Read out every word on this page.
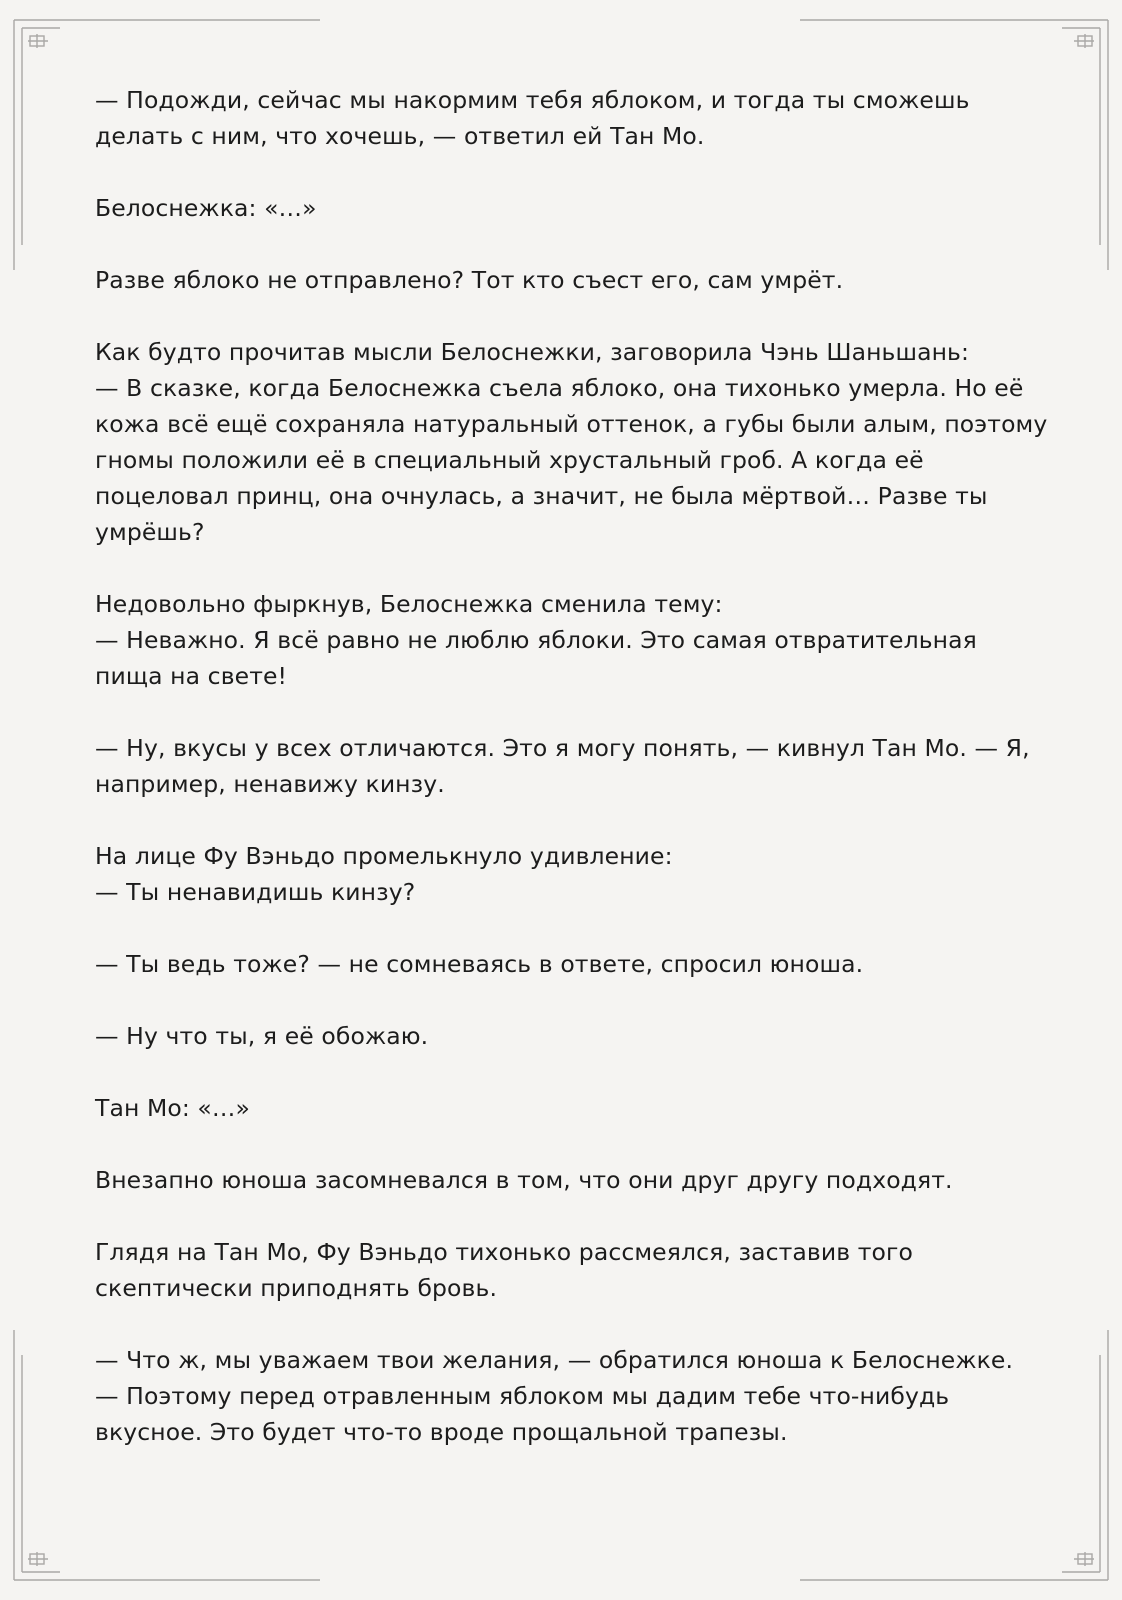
— Подожди, сейчас мы накормим тебя яблоком, и тогда ты сможешь
делать с ним, что хочешь, — ответил ей Тан Мо.
Белоснежка: «…»
Разве яблоко не отправлено? Тот кто съест его, сам умрёт.
Как будто прочитав мысли Белоснежки, заговорила Чэнь Шаньшань:
— В сказке, когда Белоснежка съела яблоко, она тихонько умерла. Но её
кожа всё ещё сохраняла натуральный оттенок, а губы были алым, поэтому
гномы положили её в специальный хрустальный гроб. А когда её
поцеловал принц, она очнулась, а значит, не была мёртвой… Разве ты
умрёшь?
Недовольно фыркнув, Белоснежка сменила тему:
— Неважно. Я всё равно не люблю яблоки. Это самая отвратительная
пища на свете!
— Ну, вкусы у всех отличаются. Это я могу понять, — кивнул Тан Мо. — Я,
например, ненавижу кинзу.
На лице Фу Вэньдо промелькнуло удивление:
— Ты ненавидишь кинзу?
— Ты ведь тоже? — не сомневаясь в ответе, спросил юноша.
— Ну что ты, я её обожаю.
Тан Мо: «…»
Внезапно юноша засомневался в том, что они друг другу подходят.
Глядя на Тан Мо, Фу Вэньдо тихонько рассмеялся, заставив того
скептически приподнять бровь.
— Что ж, мы уважаем твои желания, — обратился юноша к Белоснежке.
— Поэтому перед отравленным яблоком мы дадим тебе что-нибудь
вкусное. Это будет что-то вроде прощальной трапезы.
